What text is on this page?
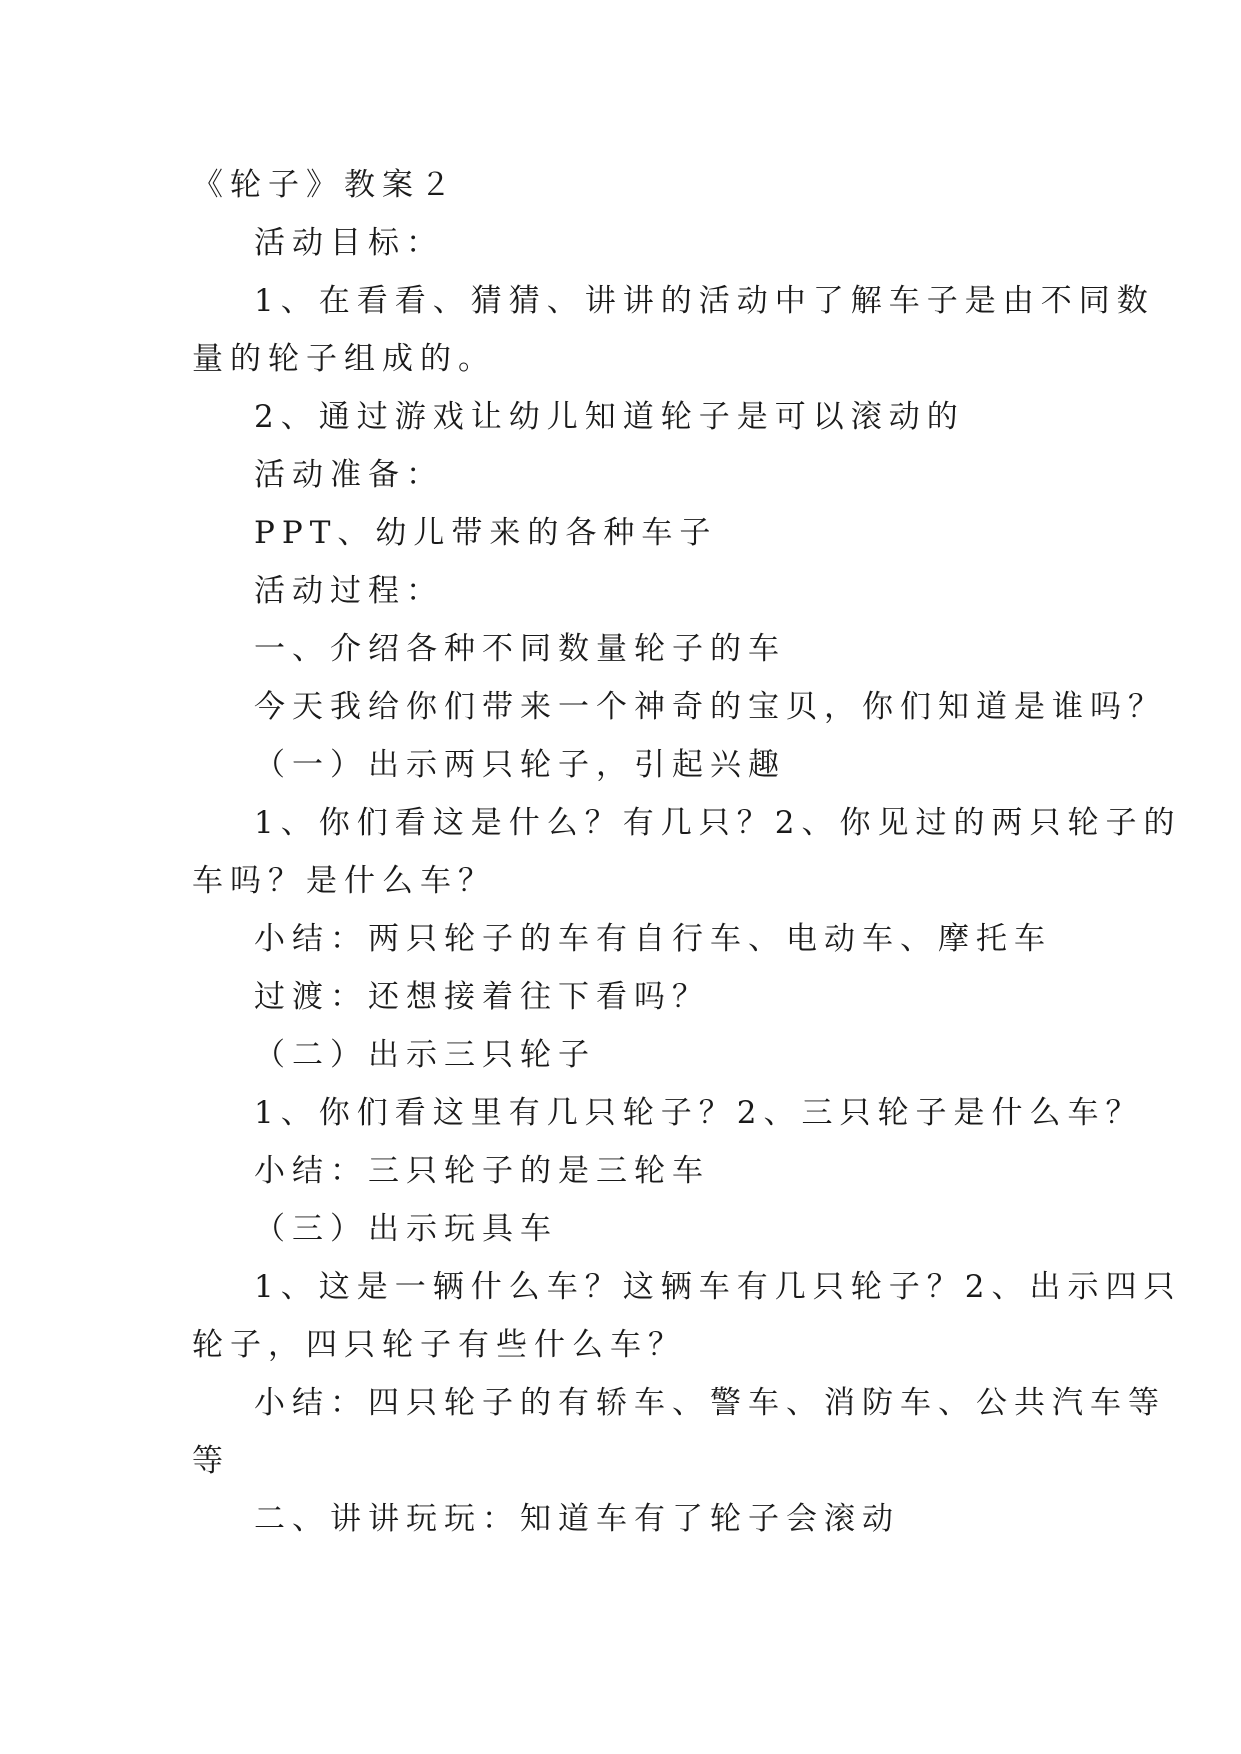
《轮子》教案２

活动目标：

1、在看看、猜猜、讲讲的活动中了解车子是由不同数

量的轮子组成的。

2、通过游戏让幼儿知道轮子是可以滚动的

活动准备：

PPT、幼儿带来的各种车子

活动过程：

一、介绍各种不同数量轮子的车

今天我给你们带来一个神奇的宝贝，你们知道是谁吗？

（一）出示两只轮子，引起兴趣

1、你们看这是什么？有几只？2、你见过的两只轮子的

车吗？是什么车？

小结：两只轮子的车有自行车、电动车、摩托车

过渡：还想接着往下看吗？

（二）出示三只轮子

1、你们看这里有几只轮子？2、三只轮子是什么车？

小结：三只轮子的是三轮车

（三）出示玩具车

1、这是一辆什么车？这辆车有几只轮子？2、出示四只

轮子，四只轮子有些什么车？

小结：四只轮子的有轿车、警车、消防车、公共汽车等

等

二、讲讲玩玩：知道车有了轮子会滚动
